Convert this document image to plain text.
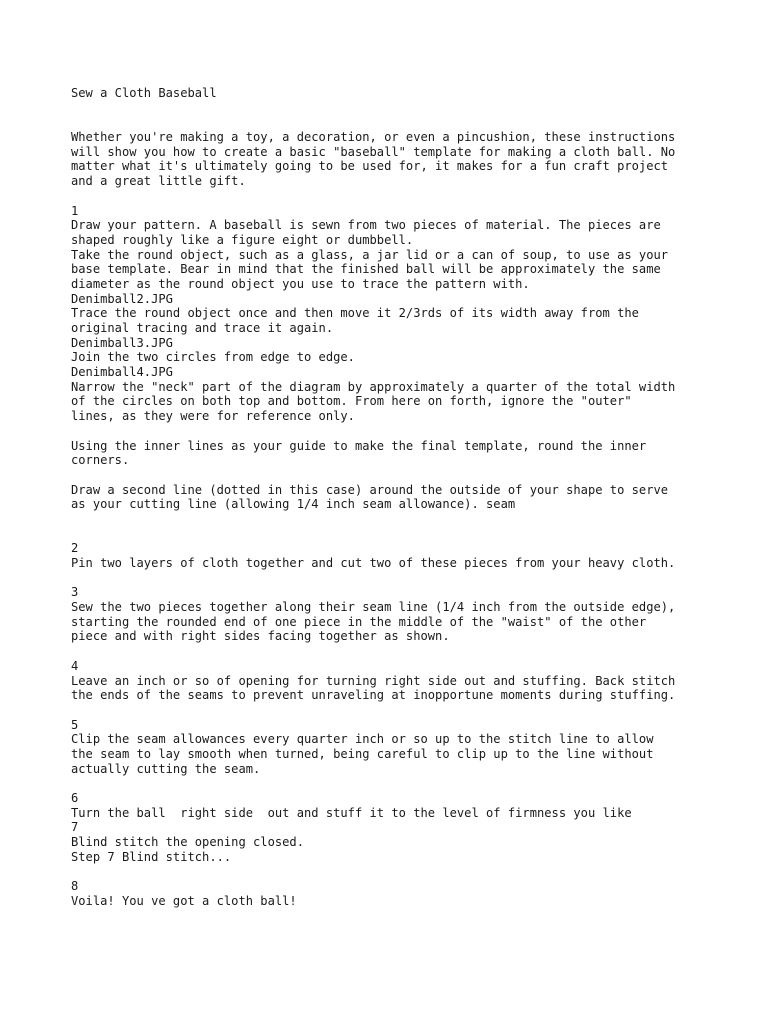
Sew a Cloth Baseball
Whether you're making a toy, a decoration, or even a pincushion, these instructions
will show you how to create a basic "baseball" template for making a cloth ball. No
matter what it's ultimately going to be used for, it makes for a fun craft project
and a great little gift.
1
Draw your pattern. A baseball is sewn from two pieces of material. The pieces are
shaped roughly like a figure eight or dumbbell.
Take the round object, such as a glass, a jar lid or a can of soup, to use as your
base template. Bear in mind that the finished ball will be approximately the same
diameter as the round object you use to trace the pattern with.
Denimball2.JPG
Trace the round object once and then move it 2/3rds of its width away from the
original tracing and trace it again.
Denimball3.JPG
Join the two circles from edge to edge.
Denimball4.JPG
Narrow the "neck" part of the diagram by approximately a quarter of the total width
of the circles on both top and bottom. From here on forth, ignore the "outer"
lines, as they were for reference only.
Using the inner lines as your guide to make the final template, round the inner
corners.
Draw a second line (dotted in this case) around the outside of your shape to serve
as your cutting line (allowing 1/4 inch seam allowance). seam
2
Pin two layers of cloth together and cut two of these pieces from your heavy cloth.
3
Sew the two pieces together along their seam line (1/4 inch from the outside edge),
starting the rounded end of one piece in the middle of the "waist" of the other
piece and with right sides facing together as shown.
4
Leave an inch or so of opening for turning right side out and stuffing. Back stitch
the ends of the seams to prevent unraveling at inopportune moments during stuffing.
5
Clip the seam allowances every quarter inch or so up to the stitch line to allow
the seam to lay smooth when turned, being careful to clip up to the line without
actually cutting the seam.
6
Turn the ball  right side  out and stuff it to the level of firmness you like
7
Blind stitch the opening closed.
Step 7 Blind stitch...
8
Voila! You ve got a cloth ball!
